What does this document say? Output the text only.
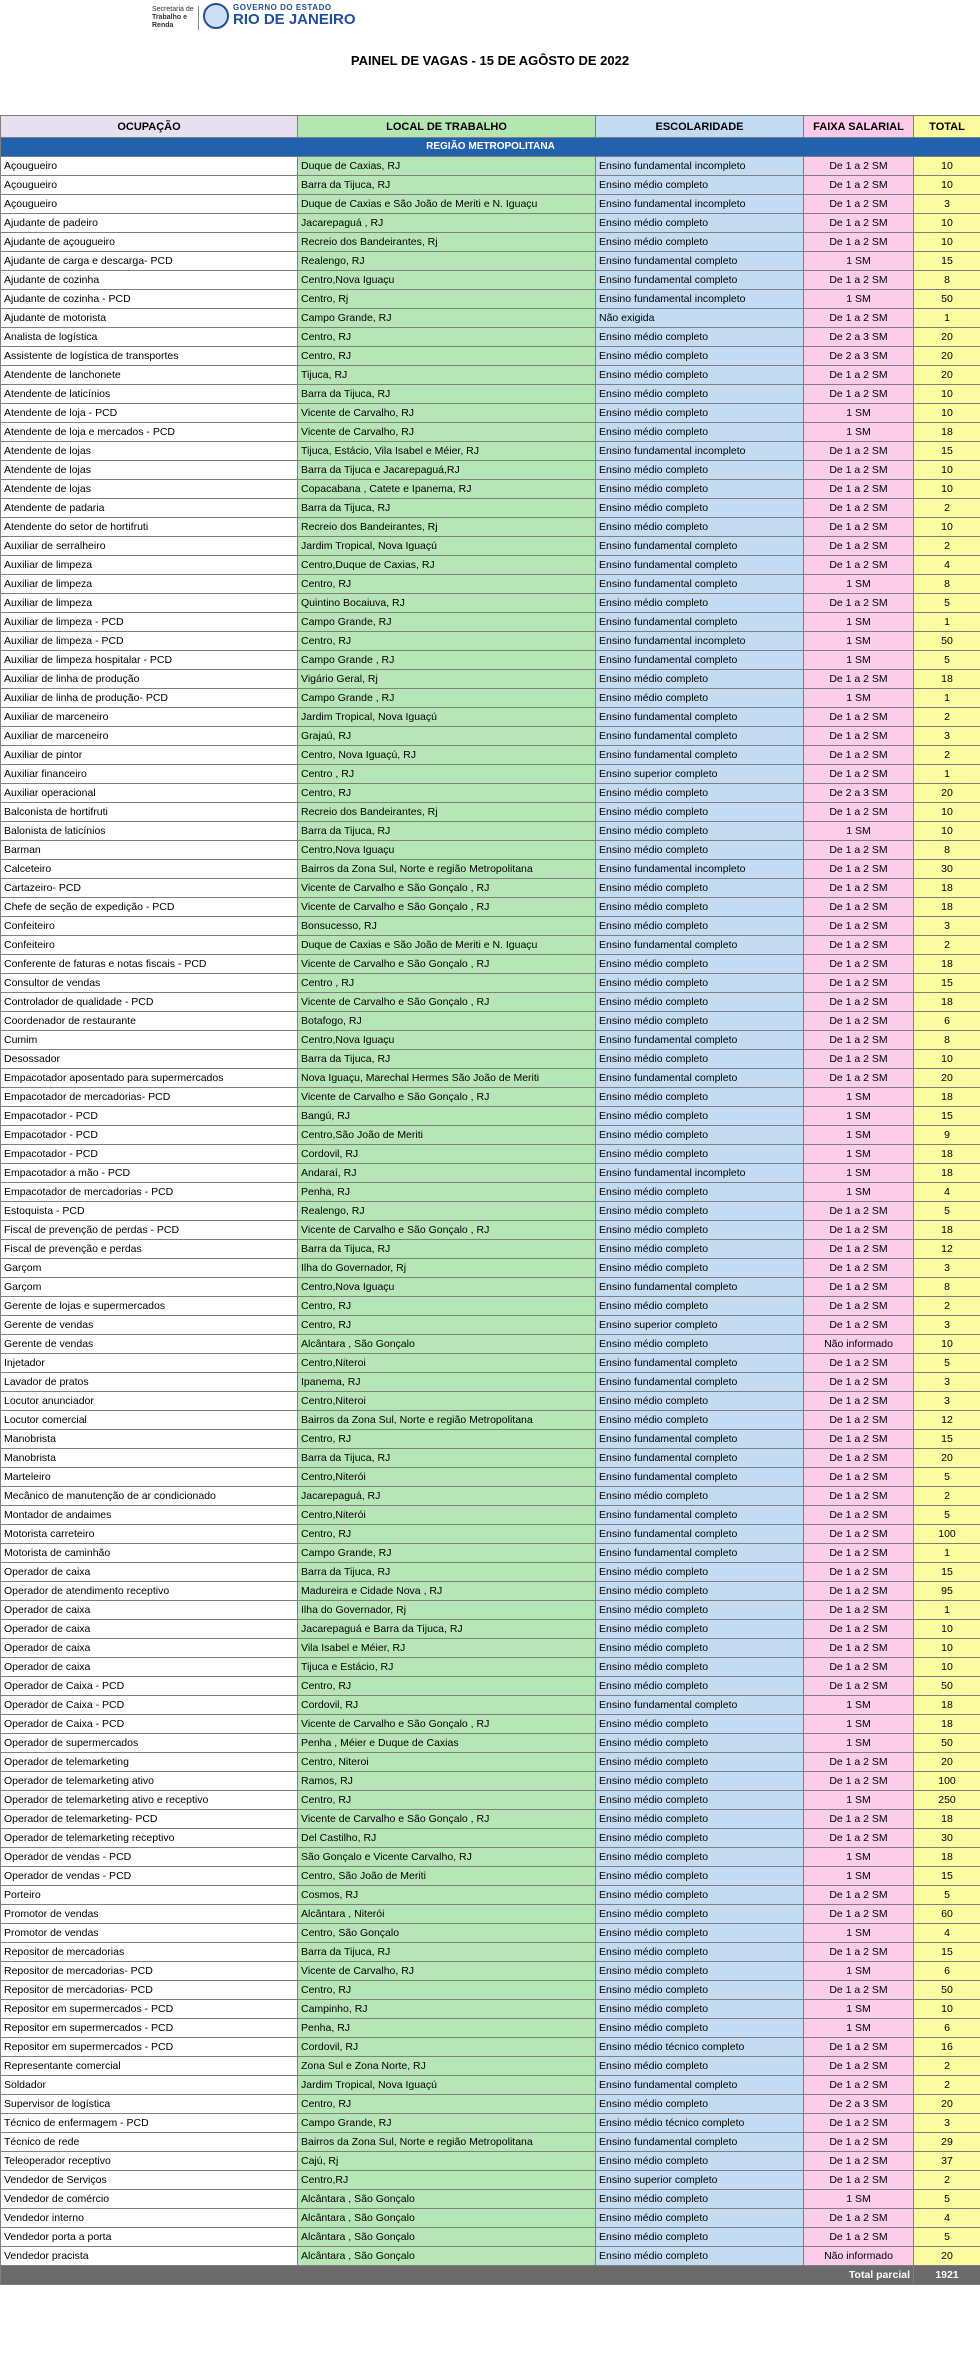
Secretaria de
Trabalho e
Renda
GOVERNO DO ESTADO
RIO DE JANEIRO
PAINEL DE VAGAS - 15 DE AGÔSTO DE 2022
OCUPAÇÃO	LOCAL DE TRABALHO	ESCOLARIDADE	FAIXA SALARIAL	TOTAL
REGIÃO METROPOLITANA				
Açougueiro	Duque de Caxias, RJ	Ensino fundamental incompleto	De 1 a 2 SM	10
Açougueiro	Barra da Tijuca, RJ	Ensino médio completo	De 1 a 2 SM	10
Açougueiro	Duque de Caxias e São João de Meriti e N. Iguaçu	Ensino fundamental incompleto	De 1 a 2 SM	3
Ajudante de padeiro	Jacarepaguá , RJ	Ensino médio completo	De 1 a 2 SM	10
Ajudante de açougueiro	Recreio dos Bandeirantes, Rj	Ensino médio completo	De 1 a 2 SM	10
Ajudante de carga e descarga- PCD	Realengo, RJ	Ensino fundamental completo	1 SM	15
Ajudante de cozinha	Centro,Nova Iguaçu	Ensino fundamental completo	De 1 a 2 SM	8
Ajudante de cozinha - PCD	Centro, Rj	Ensino fundamental incompleto	1 SM	50
Ajudante de motorista	Campo Grande, RJ	Não exigida	De 1 a 2 SM	1
Analista de logística	Centro, RJ	Ensino médio completo	De 2 a 3 SM	20
Assistente de logística de transportes	Centro, RJ	Ensino médio completo	De 2 a 3 SM	20
Atendente de lanchonete	Tijuca, RJ	Ensino médio completo	De 1 a 2 SM	20
Atendente de laticínios	Barra da Tijuca, RJ	Ensino médio completo	De 1 a 2 SM	10
Atendente de loja - PCD	Vicente de Carvalho, RJ	Ensino médio completo	1 SM	10
Atendente de loja e mercados - PCD	Vicente de Carvalho, RJ	Ensino médio completo	1 SM	18
Atendente de lojas	Tijuca, Estácio, Vila Isabel e Méier, RJ	Ensino fundamental incompleto	De 1 a 2 SM	15
Atendente de lojas	Barra da Tijuca e Jacarepaguá,RJ	Ensino médio completo	De 1 a 2 SM	10
Atendente de lojas	Copacabana , Catete e Ipanema, RJ	Ensino médio completo	De 1 a 2 SM	10
Atendente de padaria	Barra da Tijuca, RJ	Ensino médio completo	De 1 a 2 SM	2
Atendente do setor de hortifruti	Recreio dos Bandeirantes, Rj	Ensino médio completo	De 1 a 2 SM	10
Auxiliar de serralheiro	Jardim Tropical, Nova Iguaçú	Ensino fundamental completo	De 1 a 2 SM	2
Auxiliar de limpeza	Centro,Duque de Caxias, RJ	Ensino fundamental completo	De 1 a 2 SM	4
Auxiliar de limpeza	Centro, RJ	Ensino fundamental completo	1 SM	8
Auxiliar de limpeza	Quintino Bocaiuva, RJ	Ensino médio completo	De 1 a 2 SM	5
Auxiliar de limpeza - PCD	Campo Grande, RJ	Ensino fundamental completo	1 SM	1
Auxiliar de limpeza - PCD	Centro, RJ	Ensino fundamental incompleto	1 SM	50
Auxiliar de limpeza hospitalar - PCD	Campo Grande , RJ	Ensino fundamental completo	1 SM	5
Auxiliar de linha de produção	Vigário Geral, Rj	Ensino médio completo	De 1 a 2 SM	18
Auxiliar de linha de produção- PCD	Campo Grande , RJ	Ensino médio completo	1 SM	1
Auxiliar de marceneiro	Jardim Tropical, Nova Iguaçú	Ensino fundamental completo	De 1 a 2 SM	2
Auxiliar de marceneiro	Grajaú, RJ	Ensino fundamental completo	De 1 a 2 SM	3
Auxiliar de pintor	Centro, Nova Iguaçú, RJ	Ensino fundamental completo	De 1 a 2 SM	2
Auxiliar financeiro	Centro , RJ	Ensino superior completo	De 1 a 2 SM	1
Auxiliar operacional	Centro, RJ	Ensino médio completo	De 2 a 3 SM	20
Balconista de hortifruti	Recreio dos Bandeirantes, Rj	Ensino médio completo	De 1 a 2 SM	10
Balonista de laticínios	Barra da Tijuca, RJ	Ensino médio completo	1 SM	10
Barman	Centro,Nova Iguaçu	Ensino médio completo	De 1 a 2 SM	8
Calceteiro	Bairros da Zona Sul, Norte e região Metropolitana	Ensino fundamental incompleto	De 1 a 2 SM	30
Cartazeiro- PCD	Vicente de Carvalho e São Gonçalo , RJ	Ensino médio completo	De 1 a 2 SM	18
Chefe de seção de expedição - PCD	Vicente de Carvalho e São Gonçalo , RJ	Ensino médio completo	De 1 a 2 SM	18
Confeiteiro	Bonsucesso, RJ	Ensino médio completo	De 1 a 2 SM	3
Confeiteiro	Duque de Caxias e São João de Meriti e N. Iguaçu	Ensino fundamental completo	De 1 a 2 SM	2
Conferente de faturas e notas fiscais - PCD	Vicente de Carvalho e São Gonçalo , RJ	Ensino médio completo	De 1 a 2 SM	18
Consultor de vendas	Centro , RJ	Ensino médio completo	De 1 a 2 SM	15
Controlador de qualidade - PCD	Vicente de Carvalho e São Gonçalo , RJ	Ensino médio completo	De 1 a 2 SM	18
Coordenador de restaurante	Botafogo, RJ	Ensino médio completo	De 1 a 2 SM	6
Cumim	Centro,Nova Iguaçu	Ensino fundamental completo	De 1 a 2 SM	8
Desossador	Barra da Tijuca, RJ	Ensino médio completo	De 1 a 2 SM	10
Empacotador aposentado para supermercados	Nova Iguaçu, Marechal Hermes São João de Meriti	Ensino fundamental completo	De 1 a 2 SM	20
Empacotador de mercadorias- PCD	Vicente de Carvalho e São Gonçalo , RJ	Ensino médio completo	1 SM	18
Empacotador - PCD	Bangú, RJ	Ensino médio completo	1 SM	15
Empacotador - PCD	Centro,São João de Meriti	Ensino médio completo	1 SM	9
Empacotador - PCD	Cordovil, RJ	Ensino médio completo	1 SM	18
Empacotador a mão - PCD	Andaraí, RJ	Ensino fundamental incompleto	1 SM	18
Empacotador de mercadorias - PCD	Penha, RJ	Ensino médio completo	1 SM	4
Estoquista - PCD	Realengo, RJ	Ensino médio completo	De 1 a 2 SM	5
Fiscal de prevenção de perdas - PCD	Vicente de Carvalho e São Gonçalo , RJ	Ensino médio completo	De 1 a 2 SM	18
Fiscal de prevenção e perdas	Barra da Tijuca, RJ	Ensino médio completo	De 1 a 2 SM	12
Garçom	Ilha do Governador, Rj	Ensino médio completo	De 1 a 2 SM	3
Garçom	Centro,Nova Iguaçu	Ensino fundamental completo	De 1 a 2 SM	8
Gerente de lojas e supermercados	Centro, RJ	Ensino médio completo	De 1 a 2 SM	2
Gerente de vendas	Centro, RJ	Ensino superior completo	De 1 a 2 SM	3
Gerente de vendas	Alcântara , São Gonçalo	Ensino médio completo	Não informado	10
Injetador	Centro,Niteroi	Ensino fundamental completo	De 1 a 2 SM	5
Lavador de pratos	Ipanema, RJ	Ensino fundamental completo	De 1 a 2 SM	3
Locutor anunciador	Centro,Niteroi	Ensino médio completo	De 1 a 2 SM	3
Locutor comercial	Bairros da Zona Sul, Norte e região Metropolitana	Ensino médio completo	De 1 a 2 SM	12
Manobrista	Centro, RJ	Ensino fundamental completo	De 1 a 2 SM	15
Manobrista	Barra da Tijuca, RJ	Ensino fundamental completo	De 1 a 2 SM	20
Marteleiro	Centro,Niterói	Ensino fundamental completo	De 1 a 2 SM	5
Mecânico de manutenção de ar condicionado	Jacarepaguá, RJ	Ensino médio completo	De 1 a 2 SM	2
Montador de andaimes	Centro,Niterói	Ensino fundamental completo	De 1 a 2 SM	5
Motorista carreteiro	Centro, RJ	Ensino fundamental completo	De 1 a 2 SM	100
Motorista de caminhão	Campo Grande, RJ	Ensino fundamental completo	De 1 a 2 SM	1
Operador de caixa	Barra da Tijuca, RJ	Ensino médio completo	De 1 a 2 SM	15
Operador de atendimento receptivo	Madureira e Cidade Nova , RJ	Ensino médio completo	De 1 a 2 SM	95
Operador de caixa	Ilha do Governador, Rj	Ensino médio completo	De 1 a 2 SM	1
Operador de caixa	Jacarepaguá e Barra da Tijuca, RJ	Ensino médio completo	De 1 a 2 SM	10
Operador de caixa	Vila Isabel e Méier, RJ	Ensino médio completo	De 1 a 2 SM	10
Operador de caixa	Tijuca e Estácio, RJ	Ensino médio completo	De 1 a 2 SM	10
Operador de Caixa - PCD	Centro, RJ	Ensino médio completo	De 1 a 2 SM	50
Operador de Caixa - PCD	Cordovil, RJ	Ensino fundamental completo	1 SM	18
Operador de Caixa - PCD	Vicente de Carvalho e São Gonçalo , RJ	Ensino médio completo	1 SM	18
Operador de supermercados	Penha , Méier e Duque de Caxias	Ensino médio completo	1 SM	50
Operador de telemarketing	Centro, Niteroi	Ensino médio completo	De 1 a 2 SM	20
Operador de telemarketing ativo	Ramos, RJ	Ensino médio completo	De 1 a 2 SM	100
Operador de telemarketing ativo e receptivo	Centro, RJ	Ensino médio completo	1 SM	250
Operador de telemarketing- PCD	Vicente de Carvalho e São Gonçalo , RJ	Ensino médio completo	De 1 a 2 SM	18
Operador de telemarketing receptivo	Del Castilho, RJ	Ensino médio completo	De 1 a 2 SM	30
Operador de vendas - PCD	São Gonçalo e Vicente Carvalho, RJ	Ensino médio completo	1 SM	18
Operador de vendas - PCD	Centro, São João de Meriti	Ensino médio completo	1 SM	15
Porteiro	Cosmos, RJ	Ensino médio completo	De 1 a 2 SM	5
Promotor de vendas	Alcântara , Niterói	Ensino médio completo	De 1 a 2 SM	60
Promotor de vendas	Centro, São Gonçalo	Ensino médio completo	1 SM	4
Repositor de mercadorias	Barra da Tijuca, RJ	Ensino médio completo	De 1 a 2 SM	15
Repositor de mercadorias- PCD	Vicente de Carvalho, RJ	Ensino médio completo	1 SM	6
Repositor de mercadorias- PCD	Centro, RJ	Ensino médio completo	De 1 a 2 SM	50
Repositor em supermercados - PCD	Campinho, RJ	Ensino médio completo	1 SM	10
Repositor em supermercados - PCD	Penha, RJ	Ensino médio completo	1 SM	6
Repositor em supermercados - PCD	Cordovil, RJ	Ensino médio técnico completo	De 1 a 2 SM	16
Representante comercial	Zona Sul e Zona Norte, RJ	Ensino médio completo	De 1 a 2 SM	2
Soldador	Jardim Tropical, Nova Iguaçú	Ensino fundamental completo	De 1 a 2 SM	2
Supervisor de logística	Centro, RJ	Ensino médio completo	De 2 a 3 SM	20
Técnico de enfermagem - PCD	Campo Grande, RJ	Ensino médio técnico completo	De 1 a 2 SM	3
Técnico de rede	Bairros da Zona Sul, Norte e região Metropolitana	Ensino fundamental completo	De 1 a 2 SM	29
Teleoperador receptivo	Cajú, Rj	Ensino médio completo	De 1 a 2 SM	37
Vendedor de Serviços	Centro,RJ	Ensino superior completo	De 1 a 2 SM	2
Vendedor de comércio	Alcântara , São Gonçalo	Ensino médio completo	1 SM	5
Vendedor interno	Alcântara , São Gonçalo	Ensino médio completo	De 1 a 2 SM	4
Vendedor porta a porta	Alcântara , São Gonçalo	Ensino médio completo	De 1 a 2 SM	5
Vendedor pracista	Alcântara , São Gonçalo	Ensino médio completo	Não informado	20
Total parcial				1921
